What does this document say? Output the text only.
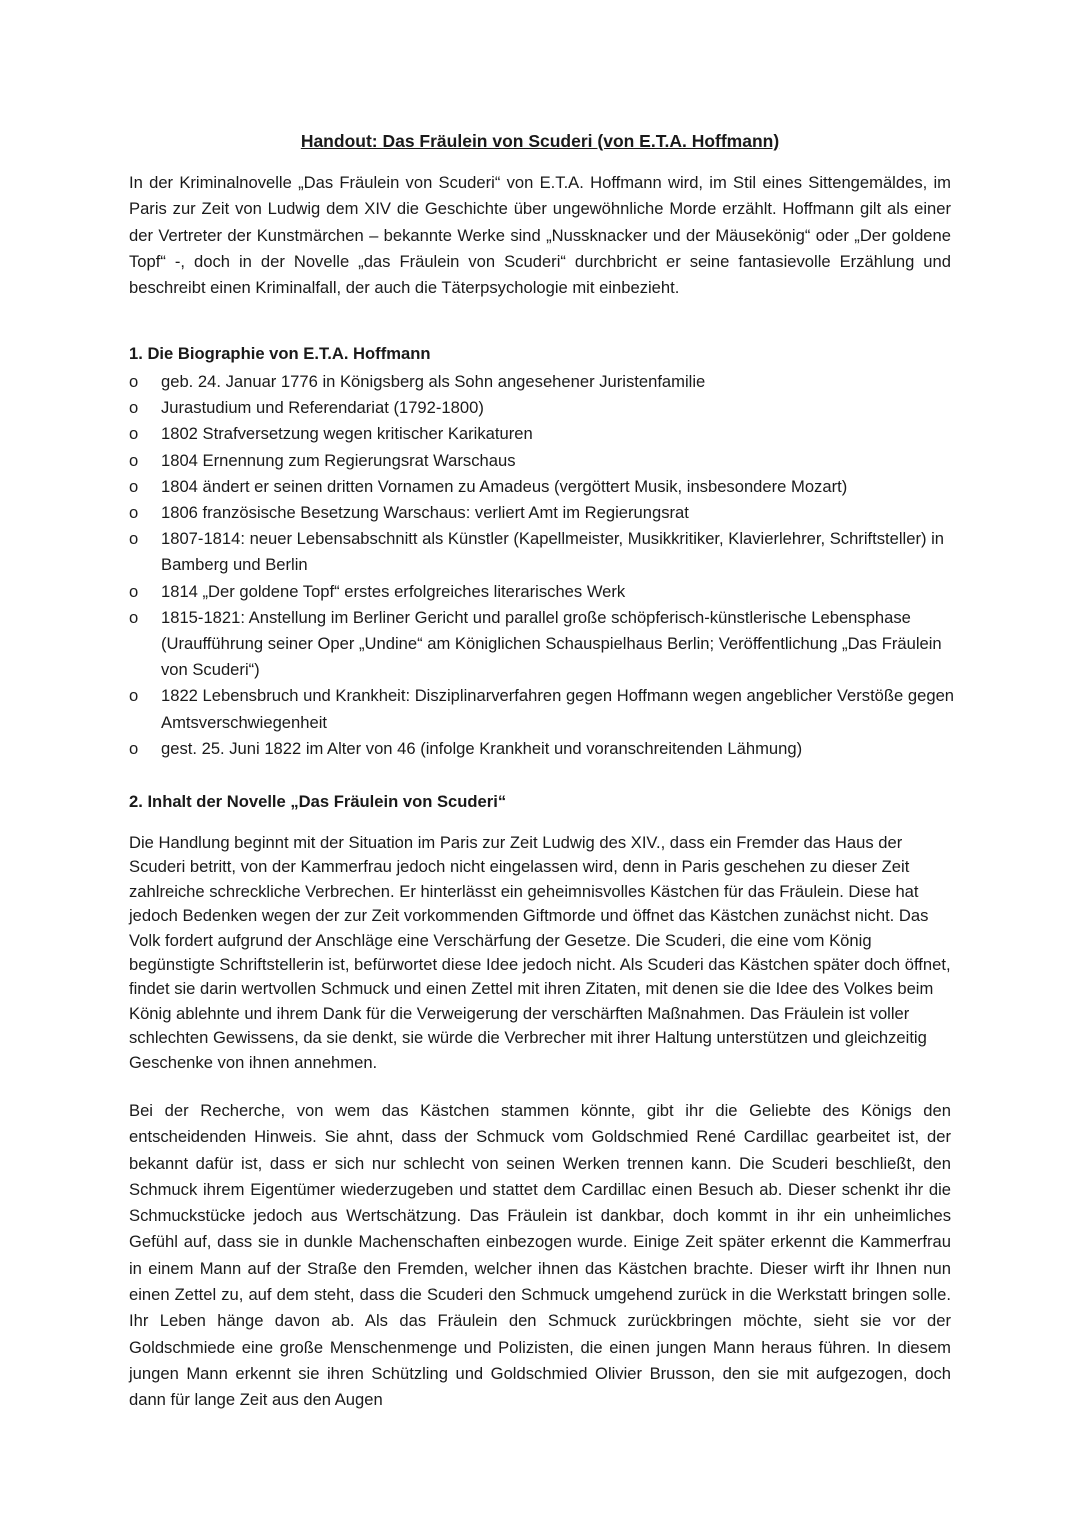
Handout: Das Fräulein von Scuderi (von E.T.A. Hoffmann)

In der Kriminalnovelle „Das Fräulein von Scuderi“ von E.T.A. Hoffmann wird, im Stil eines Sittengemäldes, im Paris zur Zeit von Ludwig dem XIV die Geschichte über ungewöhnliche Morde erzählt. Hoffmann gilt als einer der Vertreter der Kunstmärchen – bekannte Werke sind „Nussknacker und der Mäusekönig“ oder „Der goldene Topf“ -, doch in der Novelle „das Fräulein von Scuderi“ durchbricht er seine fantasievolle Erzählung und beschreibt einen Kriminalfall, der auch die Täterpsychologie mit einbezieht.

1. Die Biographie von E.T.A. Hoffmann
o geb. 24. Januar 1776 in Königsberg als Sohn angesehener Juristenfamilie
o Jurastudium und Referendariat (1792-1800)
o 1802 Strafversetzung wegen kritischer Karikaturen
o 1804 Ernennung zum Regierungsrat Warschaus
o 1804 ändert er seinen dritten Vornamen zu Amadeus (vergöttert Musik, insbesondere Mozart)
o 1806 französische Besetzung Warschaus: verliert Amt im Regierungsrat
o 1807-1814: neuer Lebensabschnitt als Künstler (Kapellmeister, Musikkritiker, Klavierlehrer, Schriftsteller) in Bamberg und Berlin
o 1814 „Der goldene Topf“ erstes erfolgreiches literarisches Werk
o 1815-1821: Anstellung im Berliner Gericht und parallel große schöpferisch-künstlerische Lebensphase (Uraufführung seiner Oper „Undine“ am Königlichen Schauspielhaus Berlin; Veröffentlichung „Das Fräulein von Scuderi“)
o 1822 Lebensbruch und Krankheit: Disziplinarverfahren gegen Hoffmann wegen angeblicher Verstöße gegen Amtsverschwiegenheit
o gest. 25. Juni 1822 im Alter von 46 (infolge Krankheit und voranschreitenden Lähmung)
2. Inhalt der Novelle „Das Fräulein von Scuderi“

Die Handlung beginnt mit der Situation im Paris zur Zeit Ludwig des XIV., dass ein Fremder das Haus der Scuderi betritt, von der Kammerfrau jedoch nicht eingelassen wird, denn in Paris geschehen zu dieser Zeit zahlreiche schreckliche Verbrechen. Er hinterlässt ein geheimnisvolles Kästchen für das Fräulein. Diese hat jedoch Bedenken wegen der zur Zeit vorkommenden Giftmorde und öffnet das Kästchen zunächst nicht. Das Volk fordert aufgrund der Anschläge eine Verschärfung der Gesetze. Die Scuderi, die eine vom König begünstigte Schriftstellerin ist, befürwortet diese Idee jedoch nicht. Als Scuderi das Kästchen später doch öffnet, findet sie darin wertvollen Schmuck und einen Zettel mit ihren Zitaten, mit denen sie die Idee des Volkes beim König ablehnte und ihrem Dank für die Verweigerung der verschärften Maßnahmen. Das Fräulein ist voller schlechten Gewissens, da sie denkt, sie würde die Verbrecher mit ihrer Haltung unterstützen und gleichzeitig Geschenke von ihnen annehmen.

Bei der Recherche, von wem das Kästchen stammen könnte, gibt ihr die Geliebte des Königs den entscheidenden Hinweis. Sie ahnt, dass der Schmuck vom Goldschmied René Cardillac gearbeitet ist, der bekannt dafür ist, dass er sich nur schlecht von seinen Werken trennen kann. Die Scuderi beschließt, den Schmuck ihrem Eigentümer wiederzugeben und stattet dem Cardillac einen Besuch ab. Dieser schenkt ihr die Schmuckstücke jedoch aus Wertschätzung. Das Fräulein ist dankbar, doch kommt in ihr ein unheimliches Gefühl auf, dass sie in dunkle Machenschaften einbezogen wurde. Einige Zeit später erkennt die Kammerfrau in einem Mann auf der Straße den Fremden, welcher ihnen das Kästchen brachte. Dieser wirft ihr Ihnen nun einen Zettel zu, auf dem steht, dass die Scuderi den Schmuck umgehend zurück in die Werkstatt bringen solle. Ihr Leben hänge davon ab. Als das Fräulein den Schmuck zurückbringen möchte, sieht sie vor der Goldschmiede eine große Menschenmenge und Polizisten, die einen jungen Mann heraus führen. In diesem jungen Mann erkennt sie ihren Schützling und Goldschmied Olivier Brusson, den sie mit aufgezogen, doch dann für lange Zeit aus den Augen
